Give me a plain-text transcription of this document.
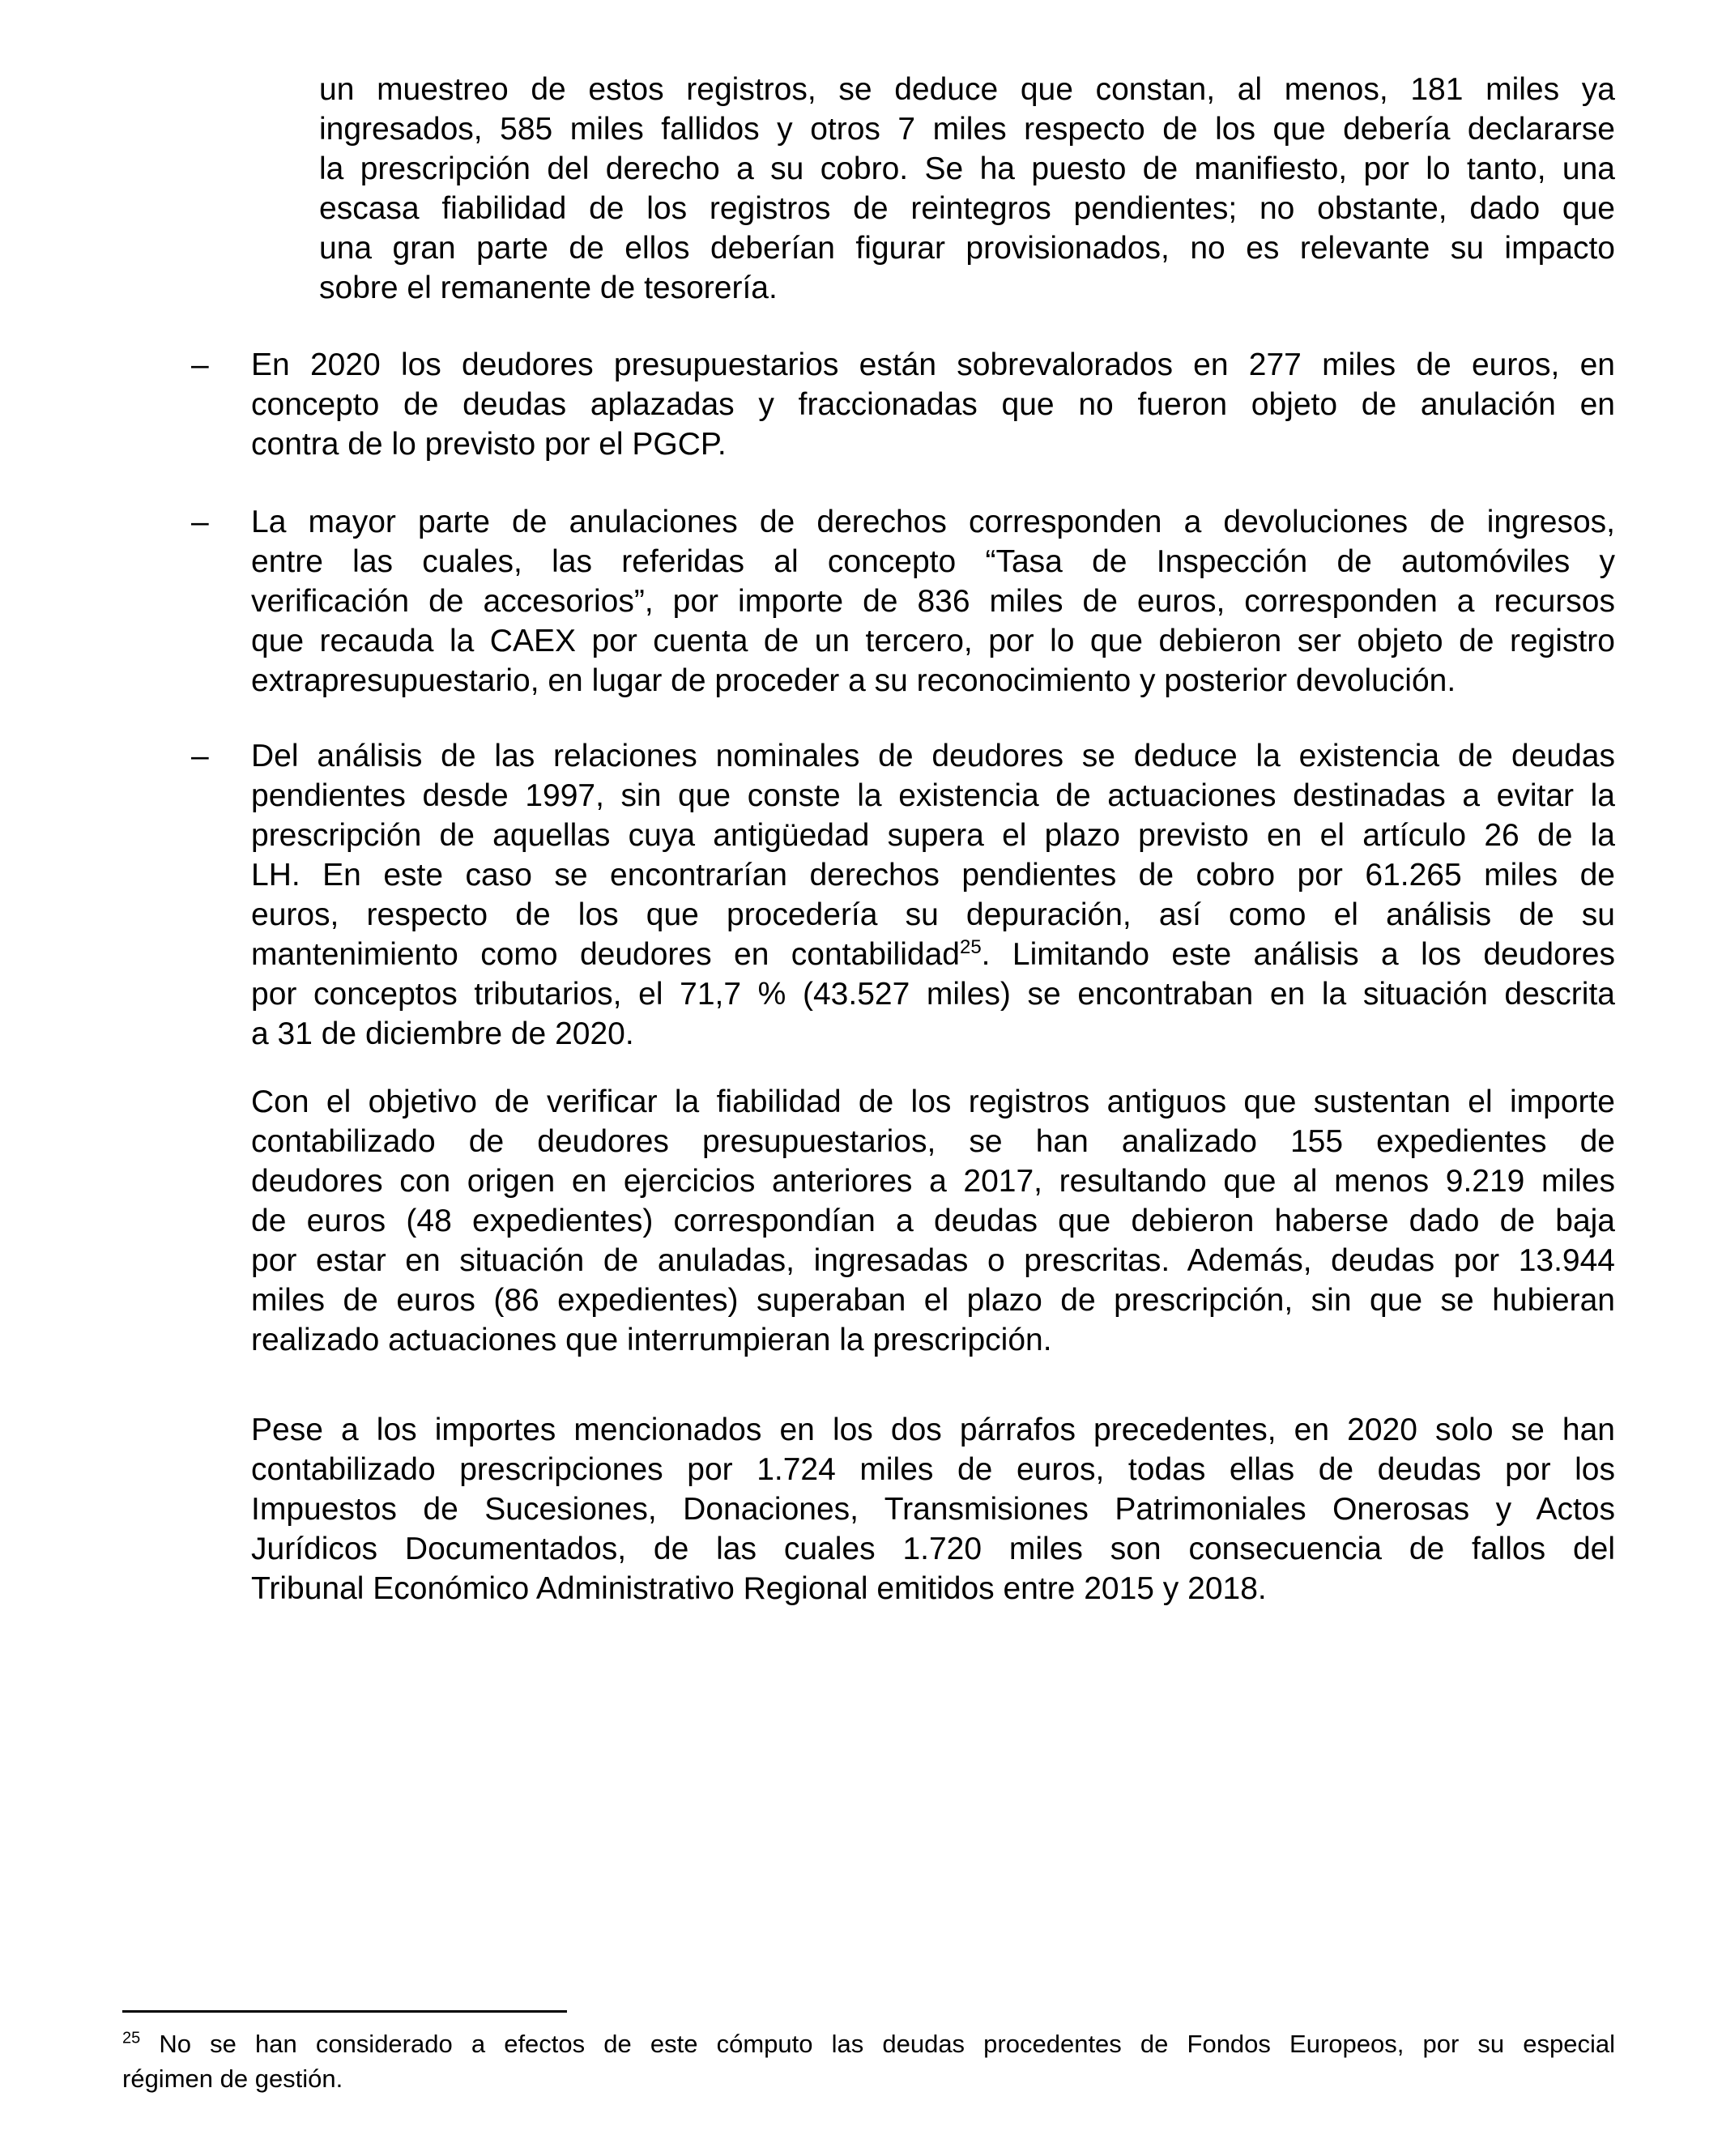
un muestreo de estos registros, se deduce que constan, al menos, 181 miles ya
ingresados, 585 miles fallidos y otros 7 miles respecto de los que debería declararse
la prescripción del derecho a su cobro. Se ha puesto de manifiesto, por lo tanto, una
escasa fiabilidad de los registros de reintegros pendientes; no obstante, dado que
una gran parte de ellos deberían figurar provisionados, no es relevante su impacto
sobre el remanente de tesorería.
– En 2020 los deudores presupuestarios están sobrevalorados en 277 miles de euros, en
concepto de deudas aplazadas y fraccionadas que no fueron objeto de anulación en
contra de lo previsto por el PGCP.
– La mayor parte de anulaciones de derechos corresponden a devoluciones de ingresos,
entre las cuales, las referidas al concepto “Tasa de Inspección de automóviles y
verificación de accesorios”, por importe de 836 miles de euros, corresponden a recursos
que recauda la CAEX por cuenta de un tercero, por lo que debieron ser objeto de registro
extrapresupuestario, en lugar de proceder a su reconocimiento y posterior devolución.
– Del análisis de las relaciones nominales de deudores se deduce la existencia de deudas
pendientes desde 1997, sin que conste la existencia de actuaciones destinadas a evitar la
prescripción de aquellas cuya antigüedad supera el plazo previsto en el artículo 26 de la
LH. En este caso se encontrarían derechos pendientes de cobro por 61.265 miles de
euros, respecto de los que procedería su depuración, así como el análisis de su
mantenimiento como deudores en contabilidad$^{25}$. Limitando este análisis a los deudores
por conceptos tributarios, el 71,7 % (43.527 miles) se encontraban en la situación descrita
a 31 de diciembre de 2020.
Con el objetivo de verificar la fiabilidad de los registros antiguos que sustentan el importe
contabilizado de deudores presupuestarios, se han analizado 155 expedientes de
deudores con origen en ejercicios anteriores a 2017, resultando que al menos 9.219 miles
de euros (48 expedientes) correspondían a deudas que debieron haberse dado de baja
por estar en situación de anuladas, ingresadas o prescritas. Además, deudas por 13.944
miles de euros (86 expedientes) superaban el plazo de prescripción, sin que se hubieran
realizado actuaciones que interrumpieran la prescripción.
Pese a los importes mencionados en los dos párrafos precedentes, en 2020 solo se han
contabilizado prescripciones por 1.724 miles de euros, todas ellas de deudas por los
Impuestos de Sucesiones, Donaciones, Transmisiones Patrimoniales Onerosas y Actos
Jurídicos Documentados, de las cuales 1.720 miles son consecuencia de fallos del
Tribunal Económico Administrativo Regional emitidos entre 2015 y 2018.
$^{25}$ No se han considerado a efectos de este cómputo las deudas procedentes de Fondos Europeos, por su especial
régimen de gestión.
